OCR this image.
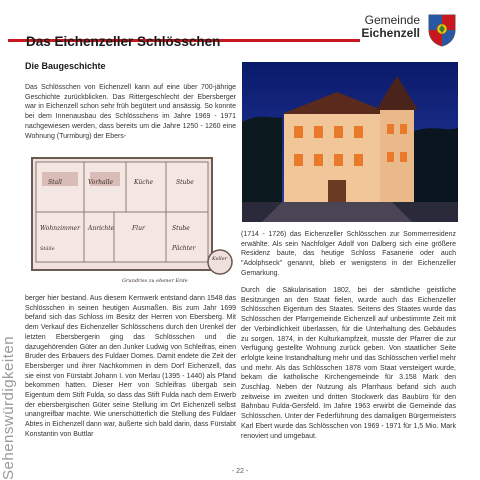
Das Eichenzeller Schlösschen
Gemeinde
Eichenzell
Die Baugeschichte
Das Schlösschen von Eichenzell kann auf eine über 700-jährige Geschichte zurückblicken. Das Rittergeschlecht der Ebersberger war in Eichenzell schon sehr früh begütert und ansässig. So konnte bei dem Innenausbau des Schlösschens im Jahre 1969 - 1971 nachgewiesen werden, dass bereits um die Jahre 1250 - 1260 eine Wohnung (Turmburg) der Ebers-
Stall	Vorhalle	Küche	Stube
Stube
Wohnzimmer Anrichte	Flur
Pächter
Keller
Ställe
Grundriss zu ebener Erde
(1714 - 1726) das Eichenzeller Schlösschen zur Sommerresidenz erwählte. Als sein Nachfolger Adolf von Dalberg sich eine größere Residenz baute, das heutige Schloss Fasanerie oder auch "Adolphseck" genannt, blieb er wenigstens in der Eichenzeller Gemarkung.
berger hier bestand. Aus diesem Kernwerk entstand dann 1548 das Schlösschen in seinen heutigen Ausmaßen. Bis zum Jahr 1699 befand sich das Schloss im Besitz der Herren von Ebersberg. Mit dem Verkauf des Eichenzeller Schlösschens durch den Urenkel der letzten Ebersbergerin ging das Schlösschen und die dazugehörenden Güter an den Junker Ludwig von Schleifras, einen Bruder des Erbauers des Fuldaer Domes. Damit endete die Zeit der Ebersberger und ihrer Nachkommen in dem Dorf Eichenzell, das sie einst von Fürstabt Johann I. von Merlau (1395 - 1440) als Pfand bekommen hatten. Dieser Herr von Schleifras übergab sein Eigentum dem Stift Fulda, so dass das Stift Fulda nach dem Erwerb der ebersbergischen Güter seine Stellung im Ort Eichenzell selbst unangreifbar machte. Wie unerschütterlich die Stellung des Fuldaer Abtes in Eichenzell dann war, äußerte sich bald darin, dass Fürstabt Konstantin von Buttlar
Durch die Säkularisation 1802, bei der sämtliche geistliche Besitzungen an den Staat fielen, wurde auch das Eichenzeller Schlösschen Eigentum des Staates. Seitens des Staates wurde das Schlösschen der Pfarrgemeinde Eichenzell auf unbestimmte Zeit mit der Verbindlichkeit überlassen, für die Unterhaltung des Gebäudes zu sorgen. 1874, in der Kulturkampfzeit, musste der Pfarrer die zur Verfügung gestellte Wohnung zurück geben. Von staatlicher Seite erfolgte keine Instandhaltung mehr und das Schlösschen verfiel mehr und mehr. Als das Schlösschen 1878 vom Staat versteigert wurde, bekam die katholische Kirchengemeinde für 3.158 Mark den Zuschlag. Neben der Nutzung als Pfarrhaus befand sich auch zeitweise im zweiten und dritten Stockwerk das Baubüro für den Bahnbau Fulda-Gersfeld. Im Jahre 1963 erwirbt die Gemeinde das Schlösschen. Unter der Federführung des damaligen Bürgermeisters Karl Ebert wurde das Schlösschen von 1969 - 1971 für 1,5 Mio. Mark renoviert und umgebaut.
Sehenswürdigkeiten	- 22 -
